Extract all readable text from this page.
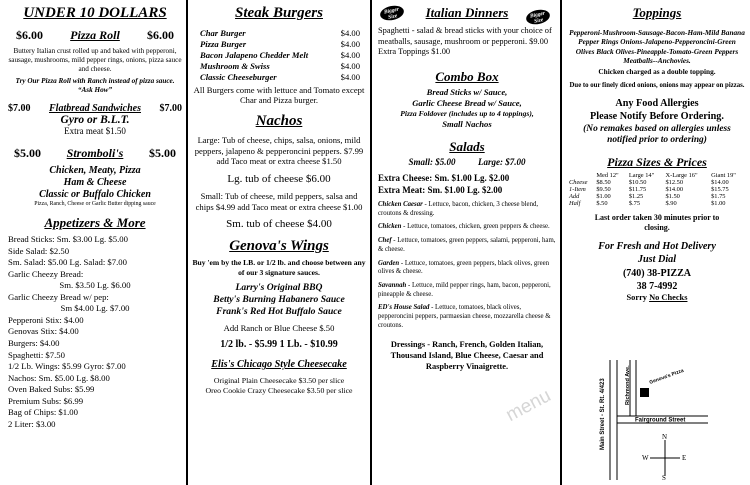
UNDER 10 DOLLARS
$6.00 Pizza Roll $6.00
Buttery Italian crust rolled up and baked with pepperoni, sausage, mushrooms, mild pepper rings, onions, pizza sauce and cheese.
Try Our Pizza Roll with Ranch instead of pizza sauce. “Ask How”
$7.00 Flatbread Sandwiches $7.00
Gyro or B.L.T.
Extra meat $1.50
$5.00 Stromboli's $5.00
Chicken, Meaty, Pizza
Ham & Cheese
Classic or Buffalo Chicken
Pizza, Ranch, Cheese or Garlic Butter dipping sauce
Appetizers & More
Bread Sticks: Sm. $3.00 Lg. $5.00
Side Salad: $2.50
Sm. Salad: $5.00 Lg. Salad: $7.00
Garlic Cheezy Bread:
Sm. $3.50 Lg. $6.00
Garlic Cheezy Bread w/ pep:
Sm $4.00 Lg. $7.00
Pepperoni Stix: $4.00
Genovas Stix: $4.00
Burgers: $4.00
Spaghetti: $7.50
1/2 Lb. Wings: $5.99 Gyro: $7.00
Nachos: Sm. $5.00 Lg. $8.00
Oven Baked Subs: $5.99
Premium Subs: $6.99
Bag of Chips: $1.00
2 Liter: $3.00
Steak Burgers
Char Burger	$4.00
Pizza Burger	$4.00
Bacon Jalapeno Chedder Melt	$4.00
Mushroom & Swiss	$4.00
Classic Cheeseburger	$4.00
All Burgers come with lettuce and Tomato except Char and Pizza burger.
Nachos
Large: Tub of cheese, chips, salsa, onions, mild peppers, jalapeno & pepperoncini peppers. $7.99 add Taco meat or extra cheese $1.50
Lg. tub of cheese $6.00
Small: Tub of cheese, mild peppers, salsa and chips $4.99 add Taco meat or extra cheese $1.00
Sm. tub of cheese $4.00
Genova's Wings
Buy 'em by the LB. or 1/2 lb. and choose between any of our 3 signature sauces.
Larry's Original BBQ
Betty's Burning Habanero Sauce
Frank's Red Hot Buffalo Sauce
Add Ranch or Blue Cheese $.50
1/2 lb. - $5.99 1 Lb. - $10.99
Elis's Chicago Style Cheesecake
Original Plain Cheesecake $3.50 per slice
Oreo Cookie Crazy Cheesecake $3.50 per slice
Bigger Size	Bigger Size
Italian Dinners
Spaghetti - salad & bread sticks with your choice of meatballs, sausage, mushroom or pepperoni. $9.00 Extra Toppings $1.00
Combo Box
Bread Sticks w/ Sauce,
Garlic Cheese Bread w/ Sauce,
Pizza Foldover (includes up to 4 toppings),
Small Nachos
Salads
Small: $5.00          Large: $7.00
Extra Cheese: Sm. $1.00 Lg. $2.00
Extra Meat: Sm. $1.00 Lg. $2.00
Chicken Caesar - Lettuce, bacon, chicken, 3 cheese blend, croutons & dressing.
Chicken - Lettuce, tomatoes, chicken, green peppers & cheese.
Chef - Lettuce, tomatoes, green peppers, salami, pepperoni, ham, & cheese.
Garden - Lettuce, tomatoes, green peppers, black olives, green olives & cheese.
Savannah - Lettuce, mild pepper rings, ham, bacon, pepperoni, pineapple & cheese.
ED's House Salad - Lettuce, tomatoes, black olives, pepperoncini peppers, parmaesian cheese, mozzarella cheese & croutons.
Dressings - Ranch, French, Golden Italian, Thousand Island, Blue Cheese, Caesar and Raspberry Vinaigrette.
Toppings
Pepperoni-Mushroom-Sausage-Bacon-Ham-Mild Banana Pepper Rings Onions-Jalapeno-Pepperoncini-Green Olives Black Olives-Pineapple-Tomato-Green Peppers Meatballs--Anchovies.
Chicken charged as a double topping.
Due to our finely diced onions, onions may appear on pizzas.
Any Food Allergies
Please Notify Before Ordering.
(No remakes based on allergies unless notified prior to ordering)
Pizza Sizes & Prices
	Med 12"	Large 14"	X-Large 16"	Giant 19"
Cheese	$8.50	$10.50	$12.50	$14.00
1-Item	$9.50	$11.75	$14.00	$15.75
Add	$1.00	$1.25	$1.50	$1.75
Half	$.50	$.75	$.90	$1.00
Last order taken 30 minutes prior to closing.
For Fresh and Hot Delivery
Just Dial
(740) 38-PIZZA
38 7-4992
Sorry No Checks
menu	Main Street - St. Rt. 4/423	Fairground Street
Richmond Ave.	Genova's Pizza
N
S
E
W
